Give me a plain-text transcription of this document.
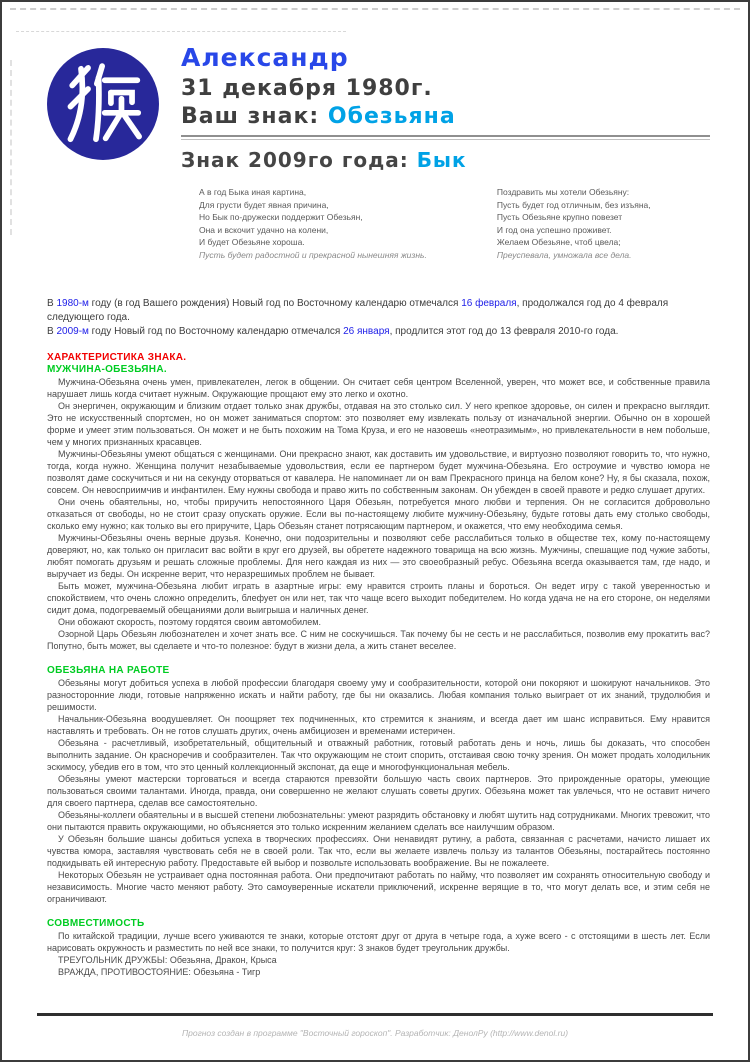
Александр
31 декабря 1980г.
Ваш знак: Обезьяна
Знак 2009го года: Бык
А в год Быка иная картина,
Для грусти будет явная причина,
Но Бык по-дружески поддержит Обезьян,
Она и вскочит удачно на колени,
И будет Обезьяне хороша.
Пусть будет радостной и прекрасной нынешняя жизнь.
Поздравить мы хотели Обезьяну:
Пусть будет год отличным, без изъяна,
Пусть Обезьяне крупно повезет
И год она успешно проживет.
Желаем Обезьяне, чтоб цвела;
Преуспевала, умножала все дела.
В 1980-м году (в год Вашего рождения) Новый год по Восточному календарю отмечался 16 февраля, продолжался год до 4 февраля следующего года.
В 2009-м году Новый год по Восточному календарю отмечался 26 января, продлится этот год до 13 февраля 2010-го года.
ХАРАКТЕРИСТИКА ЗНАКА.
МУЖЧИНА-ОБЕЗЬЯНА.

Мужчина-Обезьяна очень умен, привлекателен, легок в общении. Он считает себя центром Вселенной, уверен, что может все, и собственные правила нарушает лишь когда считает нужным. Окружающие прощают ему это легко и охотно.

Он энергичен, окружающим и близким отдает только знак дружбы, отдавая на это столько сил. У него крепкое здоровье, он силен и прекрасно выглядит. Это не искусственный спортсмен, но он может заниматься спортом: это позволяет ему извлекать пользу от изначальной энергии. Обычно он в хорошей форме и умеет этим пользоваться. Он может и не быть похожим на Тома Круза, и его не назовешь «неотразимым», но привлекательности в нем побольше, чем у многих признанных красавцев.

Мужчины-Обезьяны умеют общаться с женщинами. Они прекрасно знают, как доставить им удовольствие, и виртуозно позволяют говорить то, что нужно, тогда, когда нужно. Женщина получит незабываемые удовольствия, если ее партнером будет мужчина-Обезьяна. Его остроумие и чувство юмора не позволят даме соскучиться и ни на секунду оторваться от кавалера. Не напоминает ли он вам Прекрасного принца на белом коне? Ну, я бы сказала, похож, совсем. Он невосприимчив и инфантилен. Ему нужны свобода и право жить по собственным законам. Он убежден в своей правоте и редко слушает других.

Они очень обаятельны, но, чтобы приручить непостоянного Царя Обезьян, потребуется много любви и терпения. Он не согласится добровольно отказаться от свободы, но не стоит сразу опускать оружие. Если вы по-настоящему любите мужчину-Обезьяну, будьте готовы дать ему столько свободы, сколько ему нужно; как только вы его приручите, Царь Обезьян станет потрясающим партнером, и окажется, что ему необходима семья.

Мужчины-Обезьяны очень верные друзья. Конечно, они подозрительны и позволяют себе расслабиться только в обществе тех, кому по-настоящему доверяют, но, как только он пригласит вас войти в круг его друзей, вы обретете надежного товарища на всю жизнь. Мужчины, спешащие под чужие заботы, любят помогать друзьям и решать сложные проблемы. Для него каждая из них — это своеобразный ребус. Обезьяна всегда оказывается там, где надо, и выручает из беды. Он искренне верит, что неразрешимых проблем не бывает.

Быть может, мужчина-Обезьяна любит играть в азартные игры: ему нравится строить планы и бороться. Он ведет игру с такой уверенностью и спокойствием, что очень сложно определить, блефует он или нет, так что чаще всего выходит победителем. Но когда удача не на его стороне, он неделями сидит дома, подогреваемый обещаниями доли выигрыша и наличных денег.

Они обожают скорость, поэтому гордятся своим автомобилем.

Озорной Царь Обезьян любознателен и хочет знать все. С ним не соскучишься. Так почему бы не сесть и не расслабиться, позволив ему прокатить вас? Попутно, быть может, вы сделаете и что-то полезное: будут в жизни дела, а жить станет веселее.

ОБЕЗЬЯНА НА РАБОТЕ

Обезьяны могут добиться успеха в любой профессии благодаря своему уму и сообразительности, которой они покоряют и шокируют начальников. Это разносторонние люди, готовые напряженно искать и найти работу, где бы ни оказались. Любая компания только выиграет от их знаний, трудолюбия и решимости.

Начальник-Обезьяна воодушевляет. Он поощряет тех подчиненных, кто стремится к знаниям, и всегда дает им шанс исправиться. Ему нравится наставлять и требовать. Он не готов слушать других, очень амбициозен и временами истеричен.

Обезьяна - расчетливый, изобретательный, общительный и отважный работник, готовый работать день и ночь, лишь бы доказать, что способен выполнить задание. Он красноречив и сообразителен. Так что окружающим не стоит спорить, отстаивая свою точку зрения. Он может продать холодильник эскимосу, убедив его в том, что это ценный коллекционный экспонат, да еще и многофункциональная мебель.

Обезьяны умеют мастерски торговаться и всегда стараются превзойти большую часть своих партнеров. Это прирожденные ораторы, умеющие пользоваться своими талантами. Иногда, правда, они совершенно не желают слушать советы других. Обезьяна может так увлечься, что не оставит ничего для своего партнера, сделав все самостоятельно.

Обезьяны-коллеги обаятельны и в высшей степени любознательны: умеют разрядить обстановку и любят шутить над сотрудниками. Многих тревожит, что они пытаются править окружающими, но объясняется это только искренним желанием сделать все наилучшим образом.

У Обезьян большие шансы добиться успеха в творческих профессиях. Они ненавидят рутину, а работа, связанная с расчетами, начисто лишает их чувства юмора, заставляя чувствовать себя не в своей роли. Так что, если вы желаете извлечь пользу из талантов Обезьяны, постарайтесь постоянно подкидывать ей интересную работу. Предоставьте ей выбор и позвольте использовать воображение. Вы не пожалеете.

Некоторых Обезьян не устраивает одна постоянная работа. Они предпочитают работать по найму, что позволяет им сохранять относительную свободу и независимость. Многие часто меняют работу. Это самоуверенные искатели приключений, искренне верящие в то, что могут делать все, и этим себя не ограничивают.

СОВМЕСТИМОСТЬ

По китайской традиции, лучше всего уживаются те знаки, которые отстоят друг от друга в четыре года, а хуже всего - с отстоящими в шесть лет. Если нарисовать окружность и разместить по ней все знаки, то получится круг: 3 знаков будет треугольник дружбы.

ТРЕУГОЛЬНИК ДРУЖБЫ: Обезьяна, Дракон, Крыса

ВРАЖДА, ПРОТИВОСТОЯНИЕ: Обезьяна - Тигр

Прогноз создан в программе "Восточный гороскоп". Разработчик: ДенолРу (http://www.denol.ru)
